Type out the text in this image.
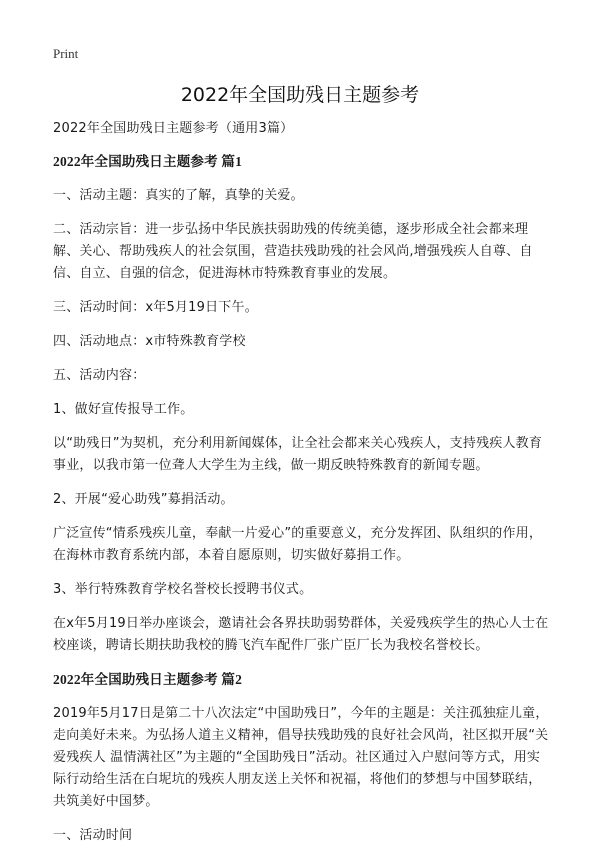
Print
2022年全国助残日主题参考

2022年全国助残日主题参考（通用3篇）

2022年全国助残日主题参考 篇1

一、活动主题：真实的了解，真挚的关爱。

二、活动宗旨：进一步弘扬中华民族扶弱助残的传统美德，逐步形成全社会都来理解、关心、帮助残疾人的社会氛围，营造扶残助残的社会风尚,增强残疾人自尊、自信、自立、自强的信念，促进海林市特殊教育事业的发展。

三、活动时间：x年5月19日下午。

四、活动地点：x市特殊教育学校

五、活动内容：

1、做好宣传报导工作。

以“助残日”为契机，充分利用新闻媒体，让全社会都来关心残疾人，支持残疾人教育事业，以我市第一位聋人大学生为主线，做一期反映特殊教育的新闻专题。

2、开展“爱心助残”募捐活动。

广泛宣传“情系残疾儿童，奉献一片爱心”的重要意义，充分发挥团、队组织的作用，在海林市教育系统内部，本着自愿原则，切实做好募捐工作。

3、举行特殊教育学校名誉校长授聘书仪式。

在x年5月19日举办座谈会，邀请社会各界扶助弱势群体，关爱残疾学生的热心人士在校座谈，聘请长期扶助我校的腾飞汽车配件厂张广臣厂长为我校名誉校长。

2022年全国助残日主题参考 篇2

2019年5月17日是第二十八次法定“中国助残日”，今年的主题是：关注孤独症儿童，走向美好未来。为弘扬人道主义精神，倡导扶残助残的良好社会风尚，社区拟开展“关爱残疾人 温情满社区”为主题的“全国助残日”活动。社区通过入户慰问等方式，用实际行动给生活在白坭坑的残疾人朋友送上关怀和祝福，将他们的梦想与中国梦联结，共筑美好中国梦。

一、活动时间
